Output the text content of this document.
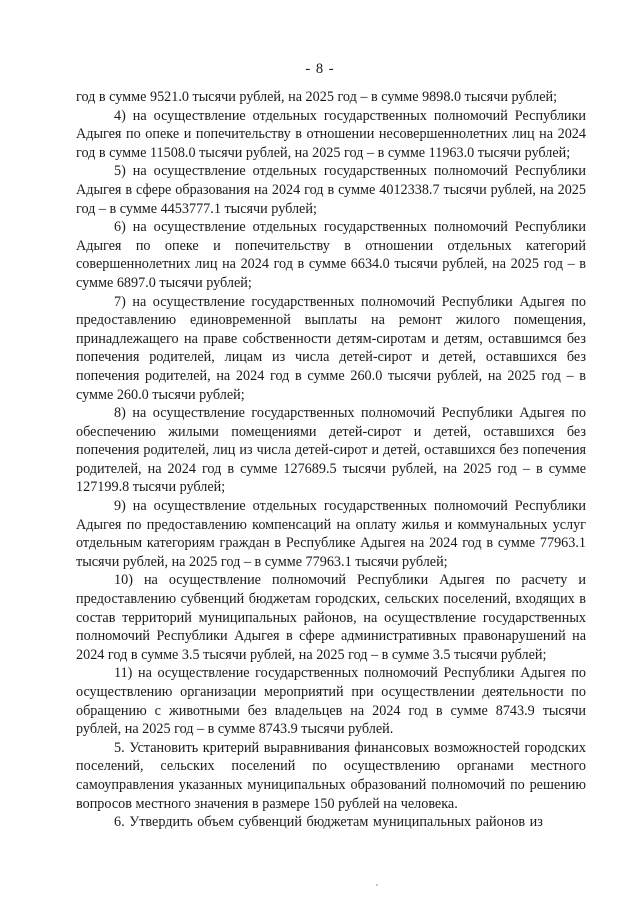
- 8 -

год в сумме 9521.0 тысячи рублей, на 2025 год – в сумме 9898.0 тысячи рублей;

4) на осуществление отдельных государственных полномочий Республики Адыгея по опеке и попечительству в отношении несовершеннолетних лиц на 2024 год в сумме 11508.0 тысячи рублей, на 2025 год – в сумме 11963.0 тысячи рублей;

5) на осуществление отдельных государственных полномочий Республики Адыгея в сфере образования на 2024 год в сумме 4012338.7 тысячи рублей, на 2025 год – в сумме 4453777.1 тысячи рублей;

6) на осуществление отдельных государственных полномочий Республики Адыгея по опеке и попечительству в отношении отдельных категорий совершеннолетних лиц на 2024 год в сумме 6634.0 тысячи рублей, на 2025 год – в сумме 6897.0 тысячи рублей;

7) на осуществление государственных полномочий Республики Адыгея по предоставлению единовременной выплаты на ремонт жилого помещения, принадлежащего на праве собственности детям-сиротам и детям, оставшимся без попечения родителей, лицам из числа детей-сирот и детей, оставшихся без попечения родителей, на 2024 год в сумме 260.0 тысячи рублей, на 2025 год – в сумме 260.0 тысячи рублей;

8) на осуществление государственных полномочий Республики Адыгея по обеспечению жилыми помещениями детей-сирот и детей, оставшихся без попечения родителей, лиц из числа детей-сирот и детей, оставшихся без попечения родителей, на 2024 год в сумме 127689.5 тысячи рублей, на 2025 год – в сумме 127199.8 тысячи рублей;

9) на осуществление отдельных государственных полномочий Республики Адыгея по предоставлению компенсаций на оплату жилья и коммунальных услуг отдельным категориям граждан в Республике Адыгея на 2024 год в сумме 77963.1 тысячи рублей, на 2025 год – в сумме 77963.1 тысячи рублей;

10) на осуществление полномочий Республики Адыгея по расчету и предоставлению субвенций бюджетам городских, сельских поселений, входящих в состав территорий муниципальных районов, на осуществление государственных полномочий Республики Адыгея в сфере административных правонарушений на 2024 год в сумме 3.5 тысячи рублей, на 2025 год – в сумме 3.5 тысячи рублей;

11) на осуществление государственных полномочий Республики Адыгея по осуществлению организации мероприятий при осуществлении деятельности по обращению с животными без владельцев на 2024 год в сумме 8743.9 тысячи рублей, на 2025 год – в сумме 8743.9 тысячи рублей.

5. Установить критерий выравнивания финансовых возможностей городских поселений, сельских поселений по осуществлению органами местного самоуправления указанных муниципальных образований полномочий по решению вопросов местного значения в размере 150 рублей на человека.

6. Утвердить объем субвенций бюджетам муниципальных районов из
